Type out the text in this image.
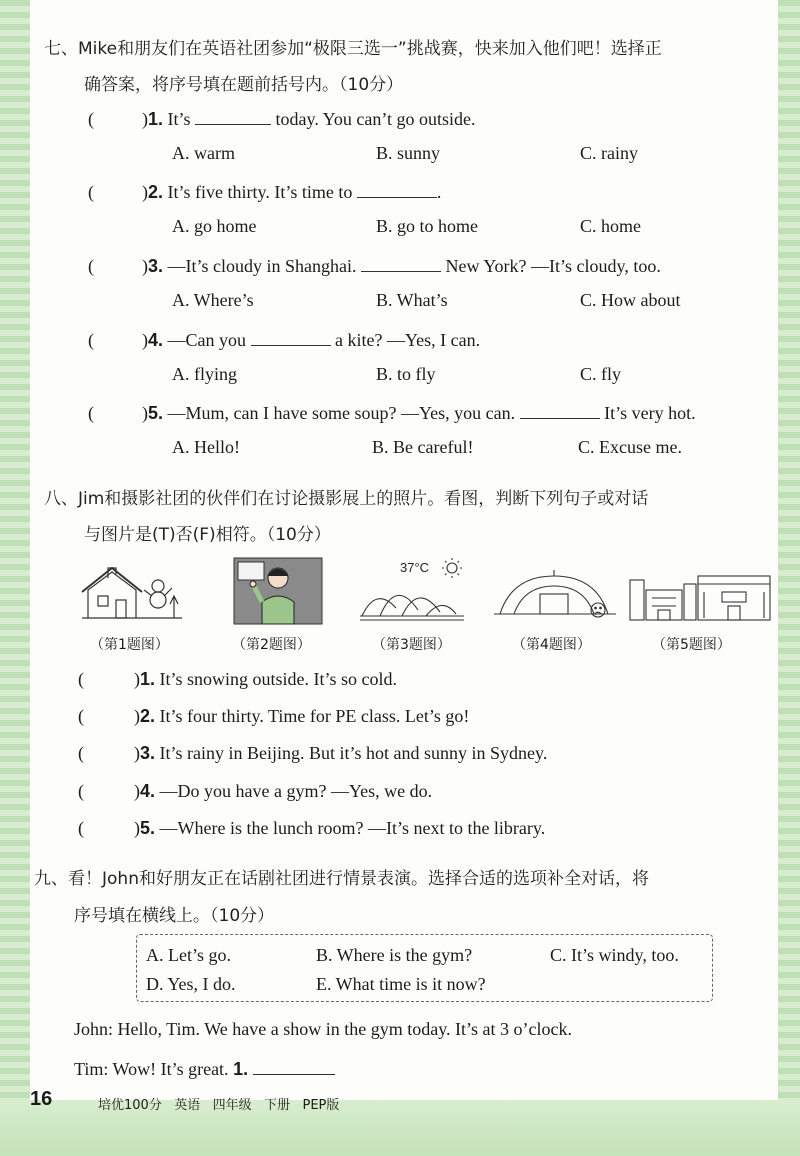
七、Mike和朋友们在英语社团参加“极限三选一”挑战赛，快来加入他们吧！选择正
确答案，将序号填在题前括号内。（10分）
(	)1. It’s	today. You can’t go outside.
A. warm	B. sunny	C. rainy
(	)2. It’s five thirty. It’s time to	.
A. go home	B. go to home	C. home
(	)3. —It’s cloudy in Shanghai.	New York? —It’s cloudy, too.
A. Where’s	B. What’s	C. How about
(	)4. —Can you	a kite? —Yes, I can.
A. flying	B. to fly	C. fly
(	)5. —Mum, can I have some soup? —Yes, you can.	It’s very hot.
A. Hello!	B. Be careful!	C. Excuse me.
八、Jim和摄影社团的伙伴们在讨论摄影展上的照片。看图，判断下列句子或对话
与图片是(T)否(F)相符。（10分）
37°C
（第1题图）	（第2题图）	（第3题图）	（第4题图）	（第5题图）
(	)1. It’s snowing outside. It’s so cold.
(	)2. It’s four thirty. Time for PE class. Let’s go!
(	)3. It’s rainy in Beijing. But it’s hot and sunny in Sydney.
(	)4. —Do you have a gym? —Yes, we do.
(	)5. —Where is the lunch room? —It’s next to the library.
九、看！John和好朋友正在话剧社团进行情景表演。选择合适的选项补全对话，将
序号填在横线上。（10分）
A. Let’s go.	B. Where is the gym?	C. It’s windy, too.
D. Yes, I do.	E. What time is it now?
John: Hello, Tim. We have a show in the gym today. It’s at 3 o’clock.
Tim: Wow! It’s great. 1.
16	培优100分 英语 四年级 下册 PEP版
